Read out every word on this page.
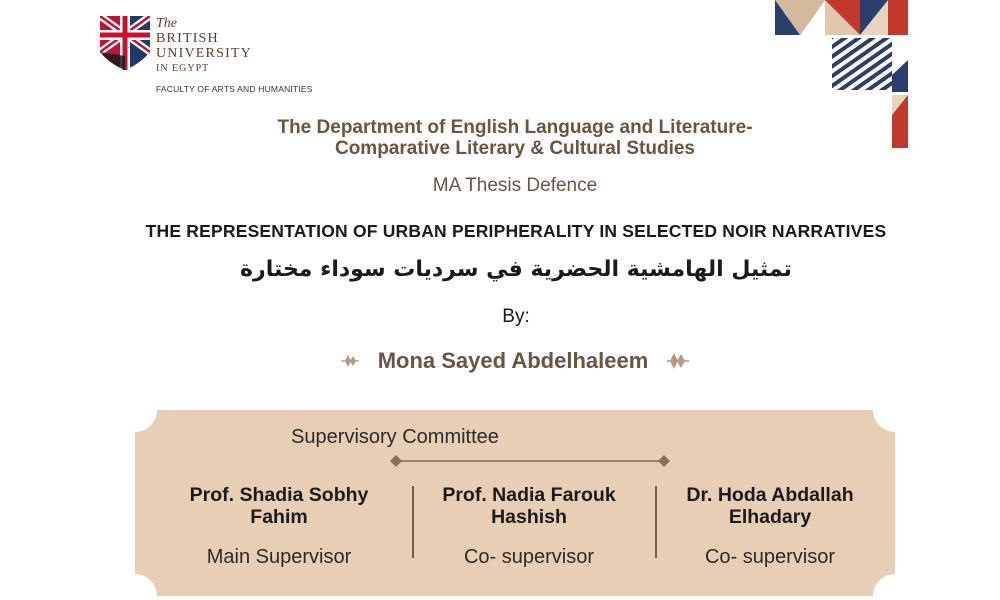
The
BRITISH
UNIVERSITY
IN EGYPT
FACULTY OF ARTS AND HUMANITIES
The Department of English Language and Literature-
Comparative Literary & Cultural Studies
MA Thesis Defence
THE REPRESENTATION OF URBAN PERIPHERALITY IN SELECTED NOIR NARRATIVES
تمثيل الهامشية الحضرية في سرديات سوداء مختارة
By:
Mona Sayed Abdelhaleem
Supervisory Committee
Prof. Shadia Sobhy
Fahim
Main Supervisor
Prof. Nadia Farouk
Hashish
Co- supervisor
Dr. Hoda Abdallah
Elhadary
Co- supervisor
